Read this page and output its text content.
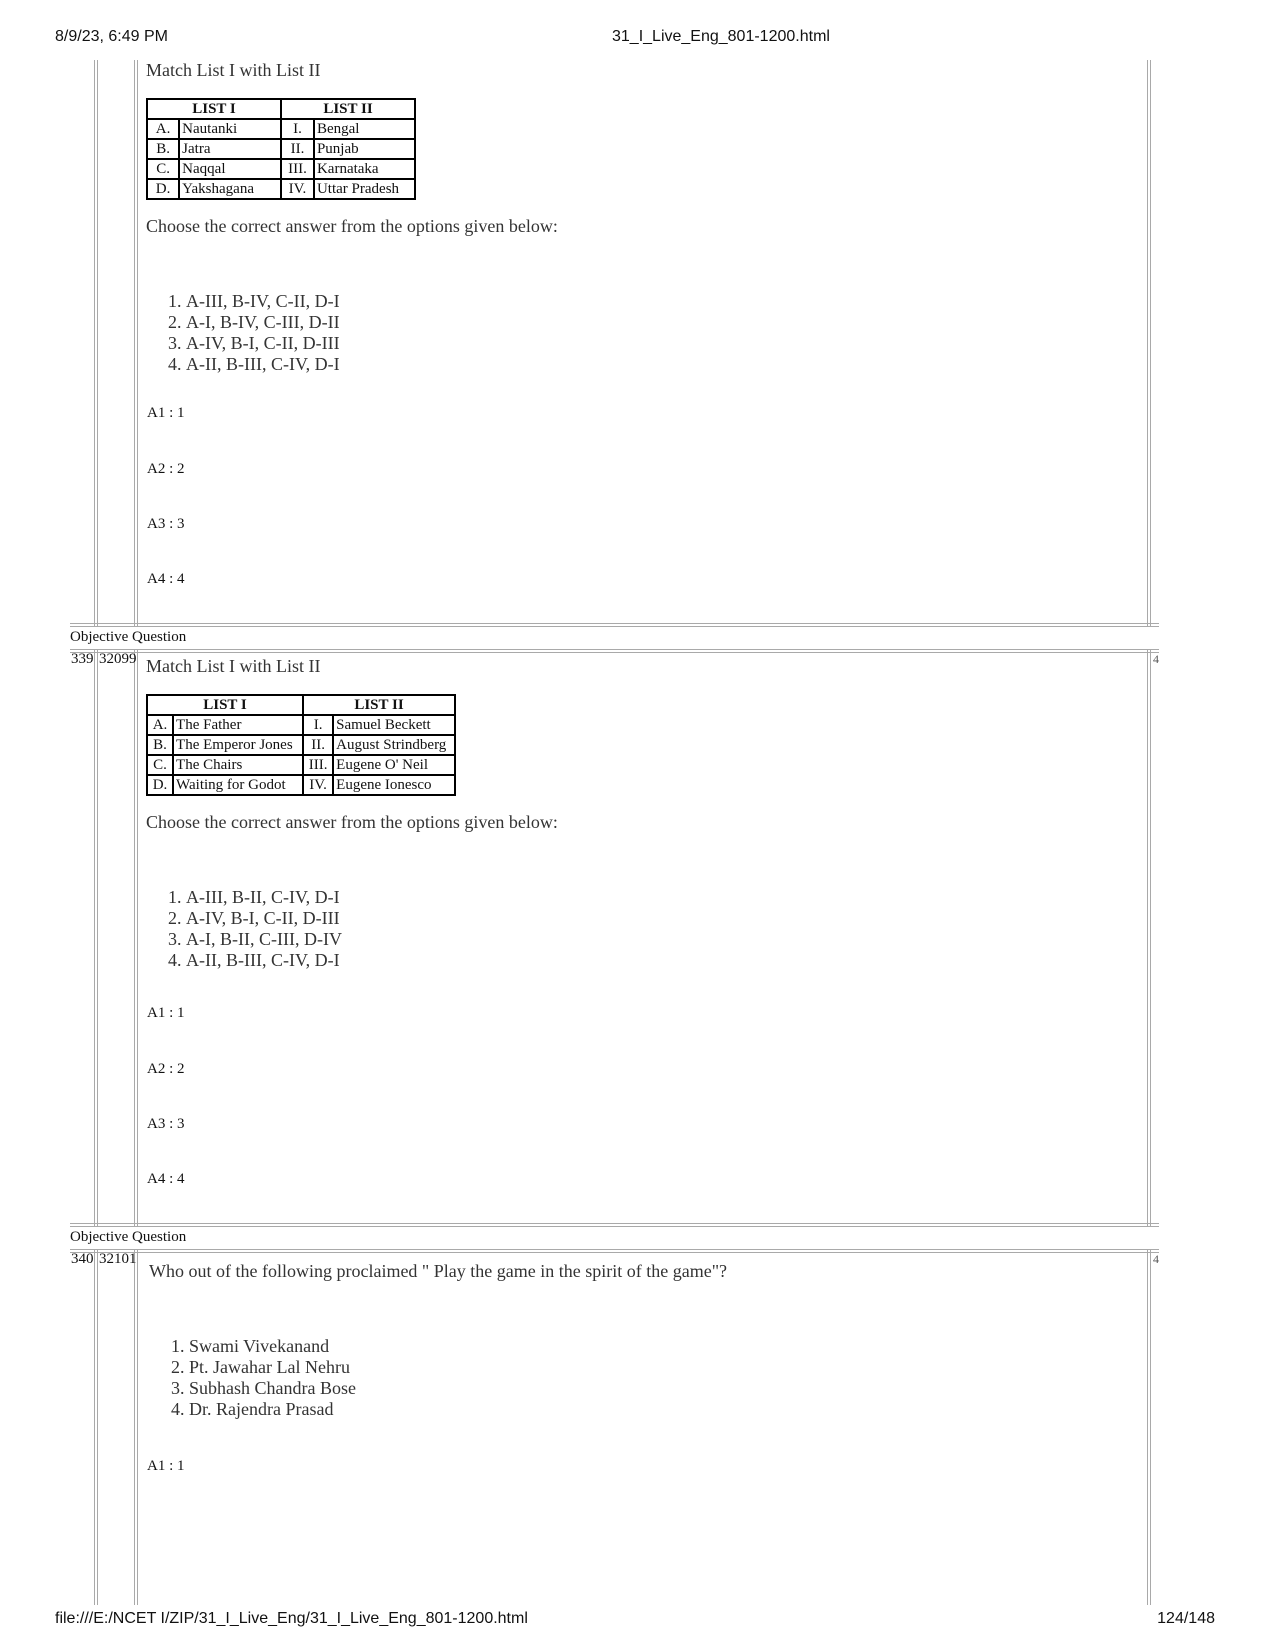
8/9/23, 6:49 PM	31_I_Live_Eng_801-1200.html

Match List I with List II

LIST I		LIST II	
A.	Nautanki	I.	Bengal
B.	Jatra	II.	Punjab
C.	Naqqal	III.	Karnataka
D.	Yakshagana	IV.	Uttar Pradesh

Choose the correct answer from the options given below:

1. A-III, B-IV, C-II, D-I
2. A-I, B-IV, C-III, D-II
3. A-IV, B-I, C-II, D-III
4. A-II, B-III, C-IV, D-I
A1 : 1
A2 : 2
A3 : 3
A4 : 4
Objective Question
339 32099	4

Match List I with List II

LIST I		LIST II	
A.	The Father	I.	Samuel Beckett
B.	The Emperor Jones	II.	August Strindberg
C.	The Chairs	III.	Eugene O' Neil
D.	Waiting for Godot	IV.	Eugene Ionesco

Choose the correct answer from the options given below:

1. A-III, B-II, C-IV, D-I
2. A-IV, B-I, C-II, D-III
3. A-I, B-II, C-III, D-IV
4. A-II, B-III, C-IV, D-I
A1 : 1
A2 : 2
A3 : 3
A4 : 4
Objective Question
340 32101	4

Who out of the following proclaimed " Play the game in the spirit of the game"?

1. Swami Vivekanand
2. Pt. Jawahar Lal Nehru
3. Subhash Chandra Bose
4. Dr. Rajendra Prasad
A1 : 1
file:///E:/NCET I/ZIP/31_I_Live_Eng/31_I_Live_Eng_801-1200.html	124/148
